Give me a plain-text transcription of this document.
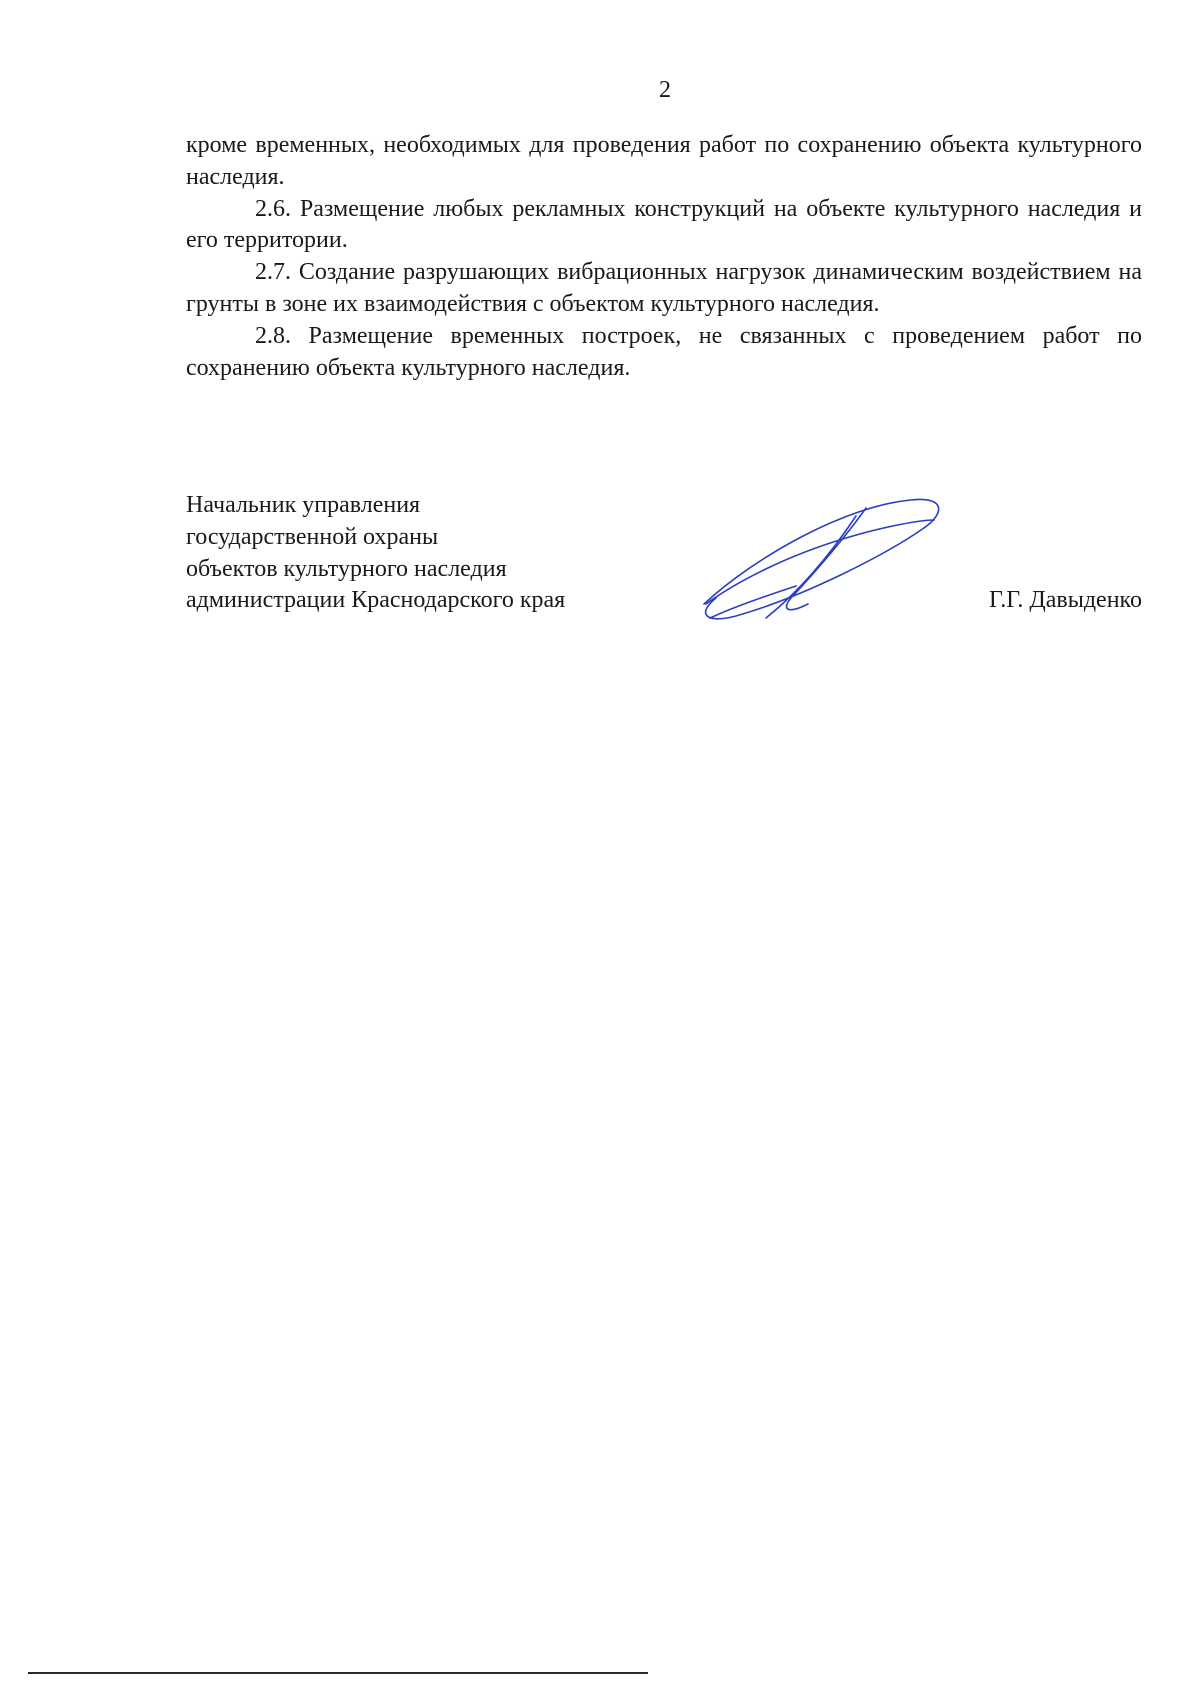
2

кроме временных, необходимых для проведения работ по сохранению объекта культурного наследия.

2.6. Размещение любых рекламных конструкций на объекте культурного наследия и его территории.

2.7. Создание разрушающих вибрационных нагрузок динамическим воздействием на грунты в зоне их взаимодействия с объектом культурного наследия.

2.8. Размещение временных построек, не связанных с проведением работ по сохранению объекта культурного наследия.

Начальник управления
государственной охраны
объектов культурного наследия
администрации Краснодарского края	Г.Г. Давыденко
